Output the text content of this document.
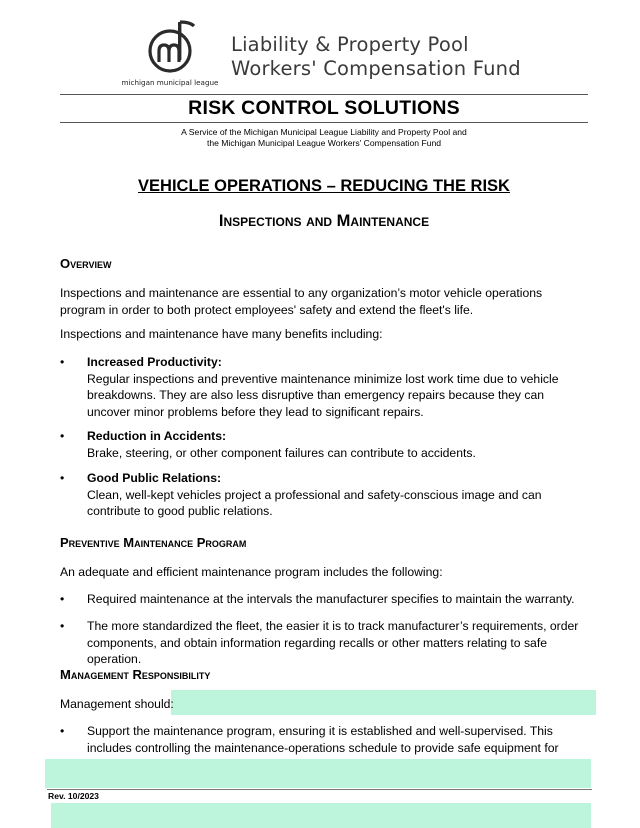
michigan municipal league
Liability & Property Pool
Workers' Compensation Fund
RISK CONTROL SOLUTIONS
A Service of the Michigan Municipal League Liability and Property Pool and
the Michigan Municipal League Workers' Compensation Fund
VEHICLE OPERATIONS – REDUCING THE RISK
Inspections and Maintenance
Overview
Inspections and maintenance are essential to any organization’s motor vehicle operations program in order to both protect employees' safety and extend the fleet's life.
Inspections and maintenance have many benefits including:
•	Increased Productivity:
Regular inspections and preventive maintenance minimize lost work time due to vehicle breakdowns. They are also less disruptive than emergency repairs because they can uncover minor problems before they lead to significant repairs.
•	Reduction in Accidents:
Brake, steering, or other component failures can contribute to accidents.
•	Good Public Relations:
Clean, well-kept vehicles project a professional and safety-conscious image and can contribute to good public relations.
Preventive Maintenance Program
An adequate and efficient maintenance program includes the following:
•	Required maintenance at the intervals the manufacturer specifies to maintain the warranty.
•	The more standardized the fleet, the easier it is to track manufacturer’s requirements, order components, and obtain information regarding recalls or other matters relating to safe operation.
Management Responsibility
Management should:
•	Support the maintenance program, ensuring it is established and well-supervised. This includes controlling the maintenance-operations schedule to provide safe equipment for
Rev. 10/2023
